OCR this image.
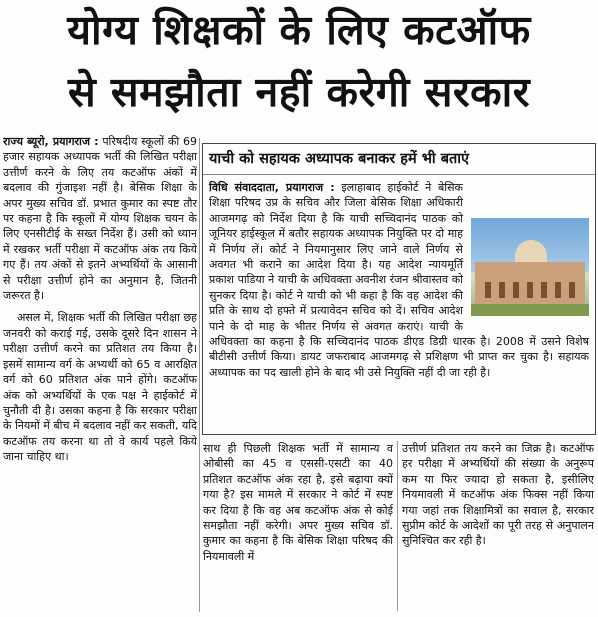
योग्य शिक्षकों के लिए कटऑफ
से समझौता नहीं करेगी सरकार

राज्य ब्यूरो, प्रयागराज : परिषदीय स्कूलों की 69 हजार सहायक अध्यापक भर्ती की लिखित परीक्षा उत्तीर्ण करने के लिए तय कटऑफ अंकों में बदलाव की गुंजाइश नहीं है। बेसिक शिक्षा के अपर मुख्य सचिव डॉ. प्रभात कुमार का स्पष्ट तौर पर कहना है कि स्कूलों में योग्य शिक्षक चयन के लिए एनसीटीई के सख्त निर्देश हैं। उसी को ध्यान में रखकर भर्ती परीक्षा में कटऑफ अंक तय किये गए हैं। तय अंकों से इतने अभ्यर्थियों के आसानी से परीक्षा उत्तीर्ण होने का अनुमान है, जितनी जरूरत है।

असल में, शिक्षक भर्ती की लिखित परीक्षा छह जनवरी को कराई गई, उसके दूसरे दिन शासन ने परीक्षा उत्तीर्ण करने का प्रतिशत तय किया है। इसमें सामान्य वर्ग के अभ्यर्थी को 65 व आरक्षित वर्ग को 60 प्रतिशत अंक पाने होंगे। कटऑफ अंक को अभ्यर्थियों के एक पक्ष ने हाईकोर्ट में चुनौती दी है। उसका कहना है कि सरकार परीक्षा के नियमों में बीच में बदलाव नहीं कर सकती, यदि कटऑफ तय करना था तो वे कार्य पहले किये जाना चाहिए था।

याची को सहायक अध्यापक बनाकर हमें भी बताएं
विधि संवाददाता, प्रयागराज : इलाहाबाद हाईकोर्ट ने बेसिक शिक्षा परिषद उप्र के सचिव और जिला बेसिक शिक्षा अधिकारी आजमगढ़ को निर्देश दिया है कि याची सच्चिदानंद पाठक को जूनियर हाईस्कूल में बतौर सहायक अध्यापक नियुक्ति पर दो माह में निर्णय लें। कोर्ट ने नियमानुसार लिए जाने वाले निर्णय से अवगत भी कराने का आदेश दिया है। यह आदेश न्यायमूर्ति प्रकाश पाडिया ने याची के अधिवक्ता अवनीश रंजन श्रीवास्तव को सुनकर दिया है। कोर्ट ने याची को भी कहा है कि वह आदेश की प्रति के साथ दो हफ्ते में प्रत्यावेदन सचिव को दें। सचिव आदेश पाने के दो माह के भीतर निर्णय से अवगत कराएं। याची के अधिवक्ता का कहना है कि सच्चिदानंद पाठक डीएड डिग्री धारक है। 2008 में उसने विशेष बीटीसी उत्तीर्ण किया। डायट जफराबाद आजमगढ़ से प्रशिक्षण भी प्राप्त कर चुका है। सहायक अध्यापक का पद खाली होने के बाद भी उसे नियुक्ति नहीं दी जा रही है।

साथ ही पिछली शिक्षक भर्ती में सामान्य व ओबीसी का 45 व एससी-एसटी का 40 प्रतिशत कटऑफ अंक रहा है, इसे बढ़ाया क्यों गया है? इस मामले में सरकार ने कोर्ट में स्पष्ट कर दिया है कि वह अब कटऑफ अंक से कोई समझौता नहीं करेगी। अपर मुख्य सचिव डॉ. कुमार का कहना है कि बेसिक शिक्षा परिषद की नियमावली में

उत्तीर्ण प्रतिशत तय करने का जिक्र है। कटऑफ हर परीक्षा में अभ्यर्थियों की संख्या के अनुरूप कम या फिर ज्यादा हो सकता है, इसीलिए नियमावली में कटऑफ अंक फिक्स नहीं किया गया जहां तक शिक्षामित्रों का सवाल है, सरकार सुप्रीम कोर्ट के आदेशों का पूरी तरह से अनुपालन सुनिश्चित कर रही है।
